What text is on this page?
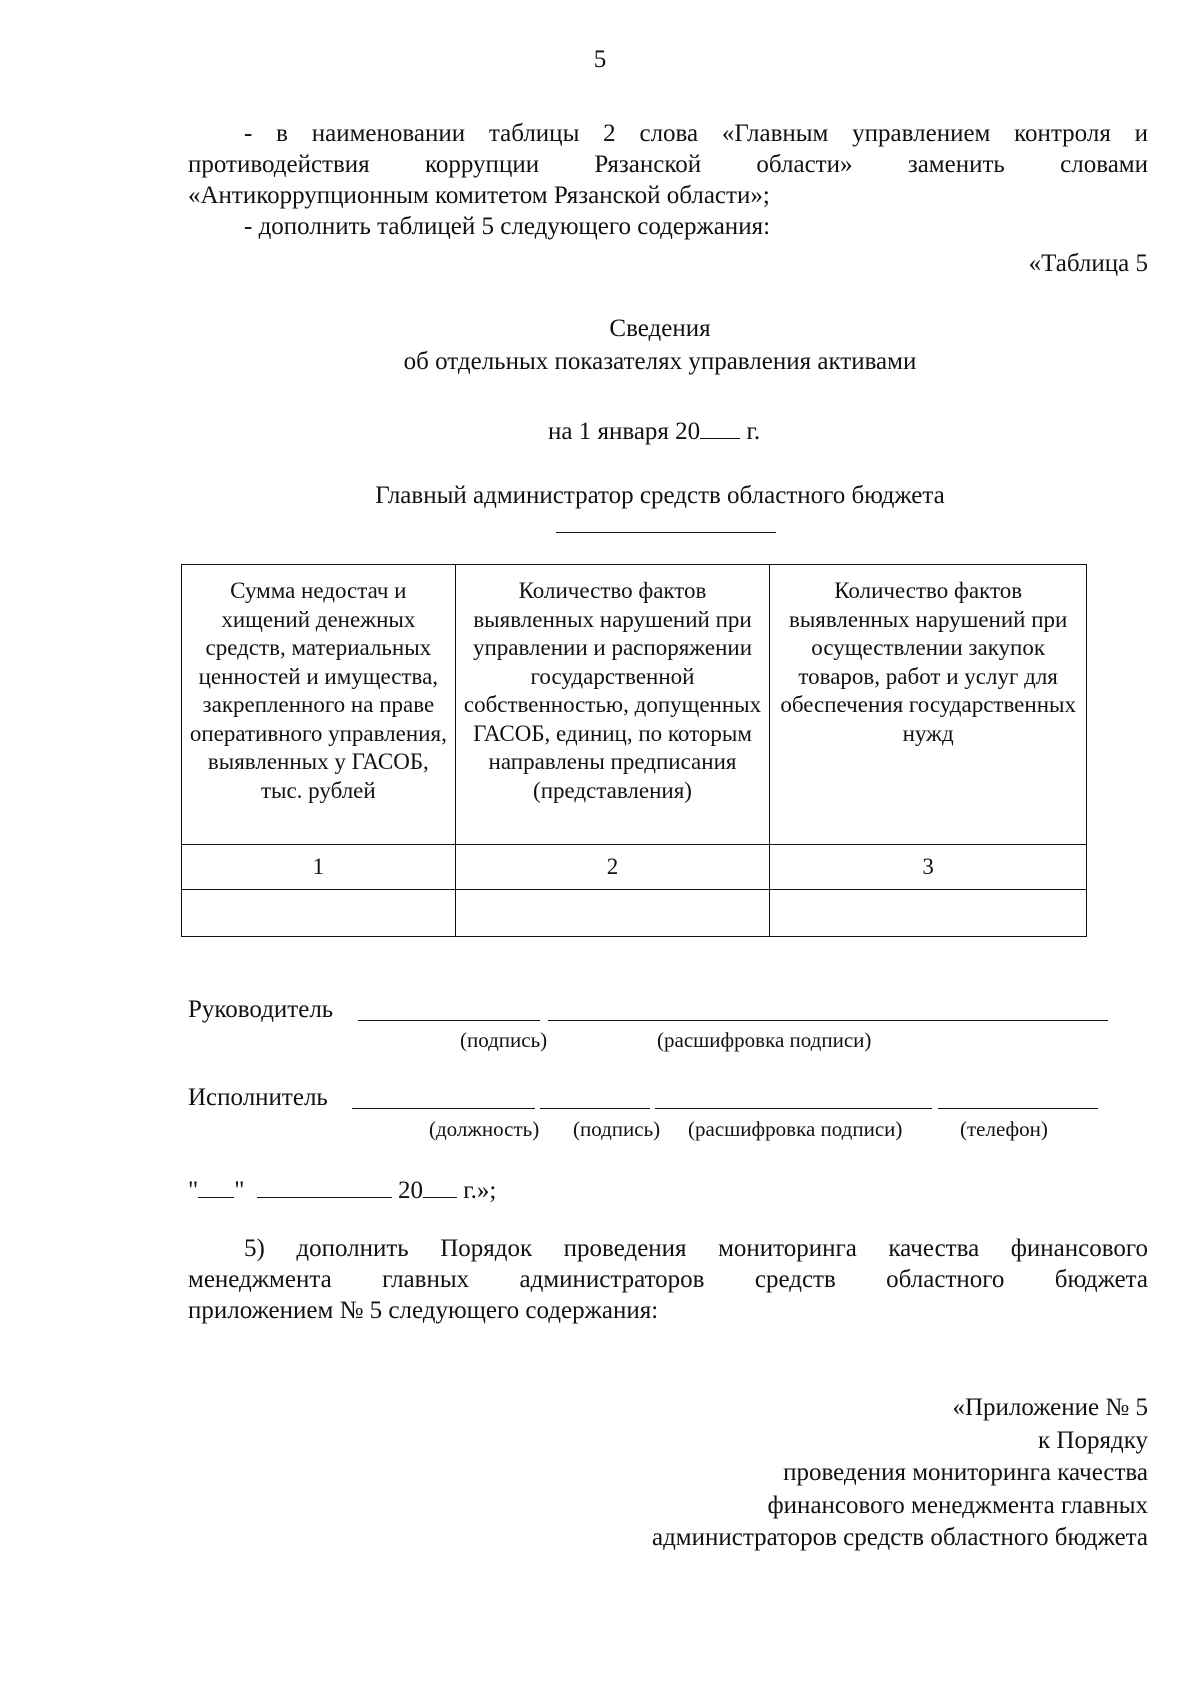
5
- в наименовании таблицы 2 слова «Главным управлением контроля и
противодействия коррупции Рязанской области» заменить словами
«Антикоррупционным комитетом Рязанской области»;
- дополнить таблицей 5 следующего содержания:
«Таблица 5
Сведения
об отдельных показателях управления активами
на 1 января 20 г.
Главный администратор средств областного бюджета
Сумма недостач и хищений денежных средств, материальных ценностей и имущества, закрепленного на праве оперативного управления, выявленных у ГАСОБ, тыс. рублей	Количество фактов выявленных нарушений при управлении и распоряжении государственной собственностью, допущенных ГАСОБ, единиц, по которым направлены предписания (представления)	Количество фактов выявленных нарушений при осуществлении закупок товаров, работ и услуг для обеспечения государственных нужд
1	2	3

Руководитель
(подпись)	(расшифровка подписи)
Исполнитель
(должность) (подпись) (расшифровка подписи)	(телефон)
" "	20 г.»;
5) дополнить Порядок проведения мониторинга качества финансового
менеджмента главных администраторов средств областного бюджета
приложением № 5 следующего содержания:
«Приложение № 5
к Порядку
проведения мониторинга качества
финансового менеджмента главных
администраторов средств областного бюджета
